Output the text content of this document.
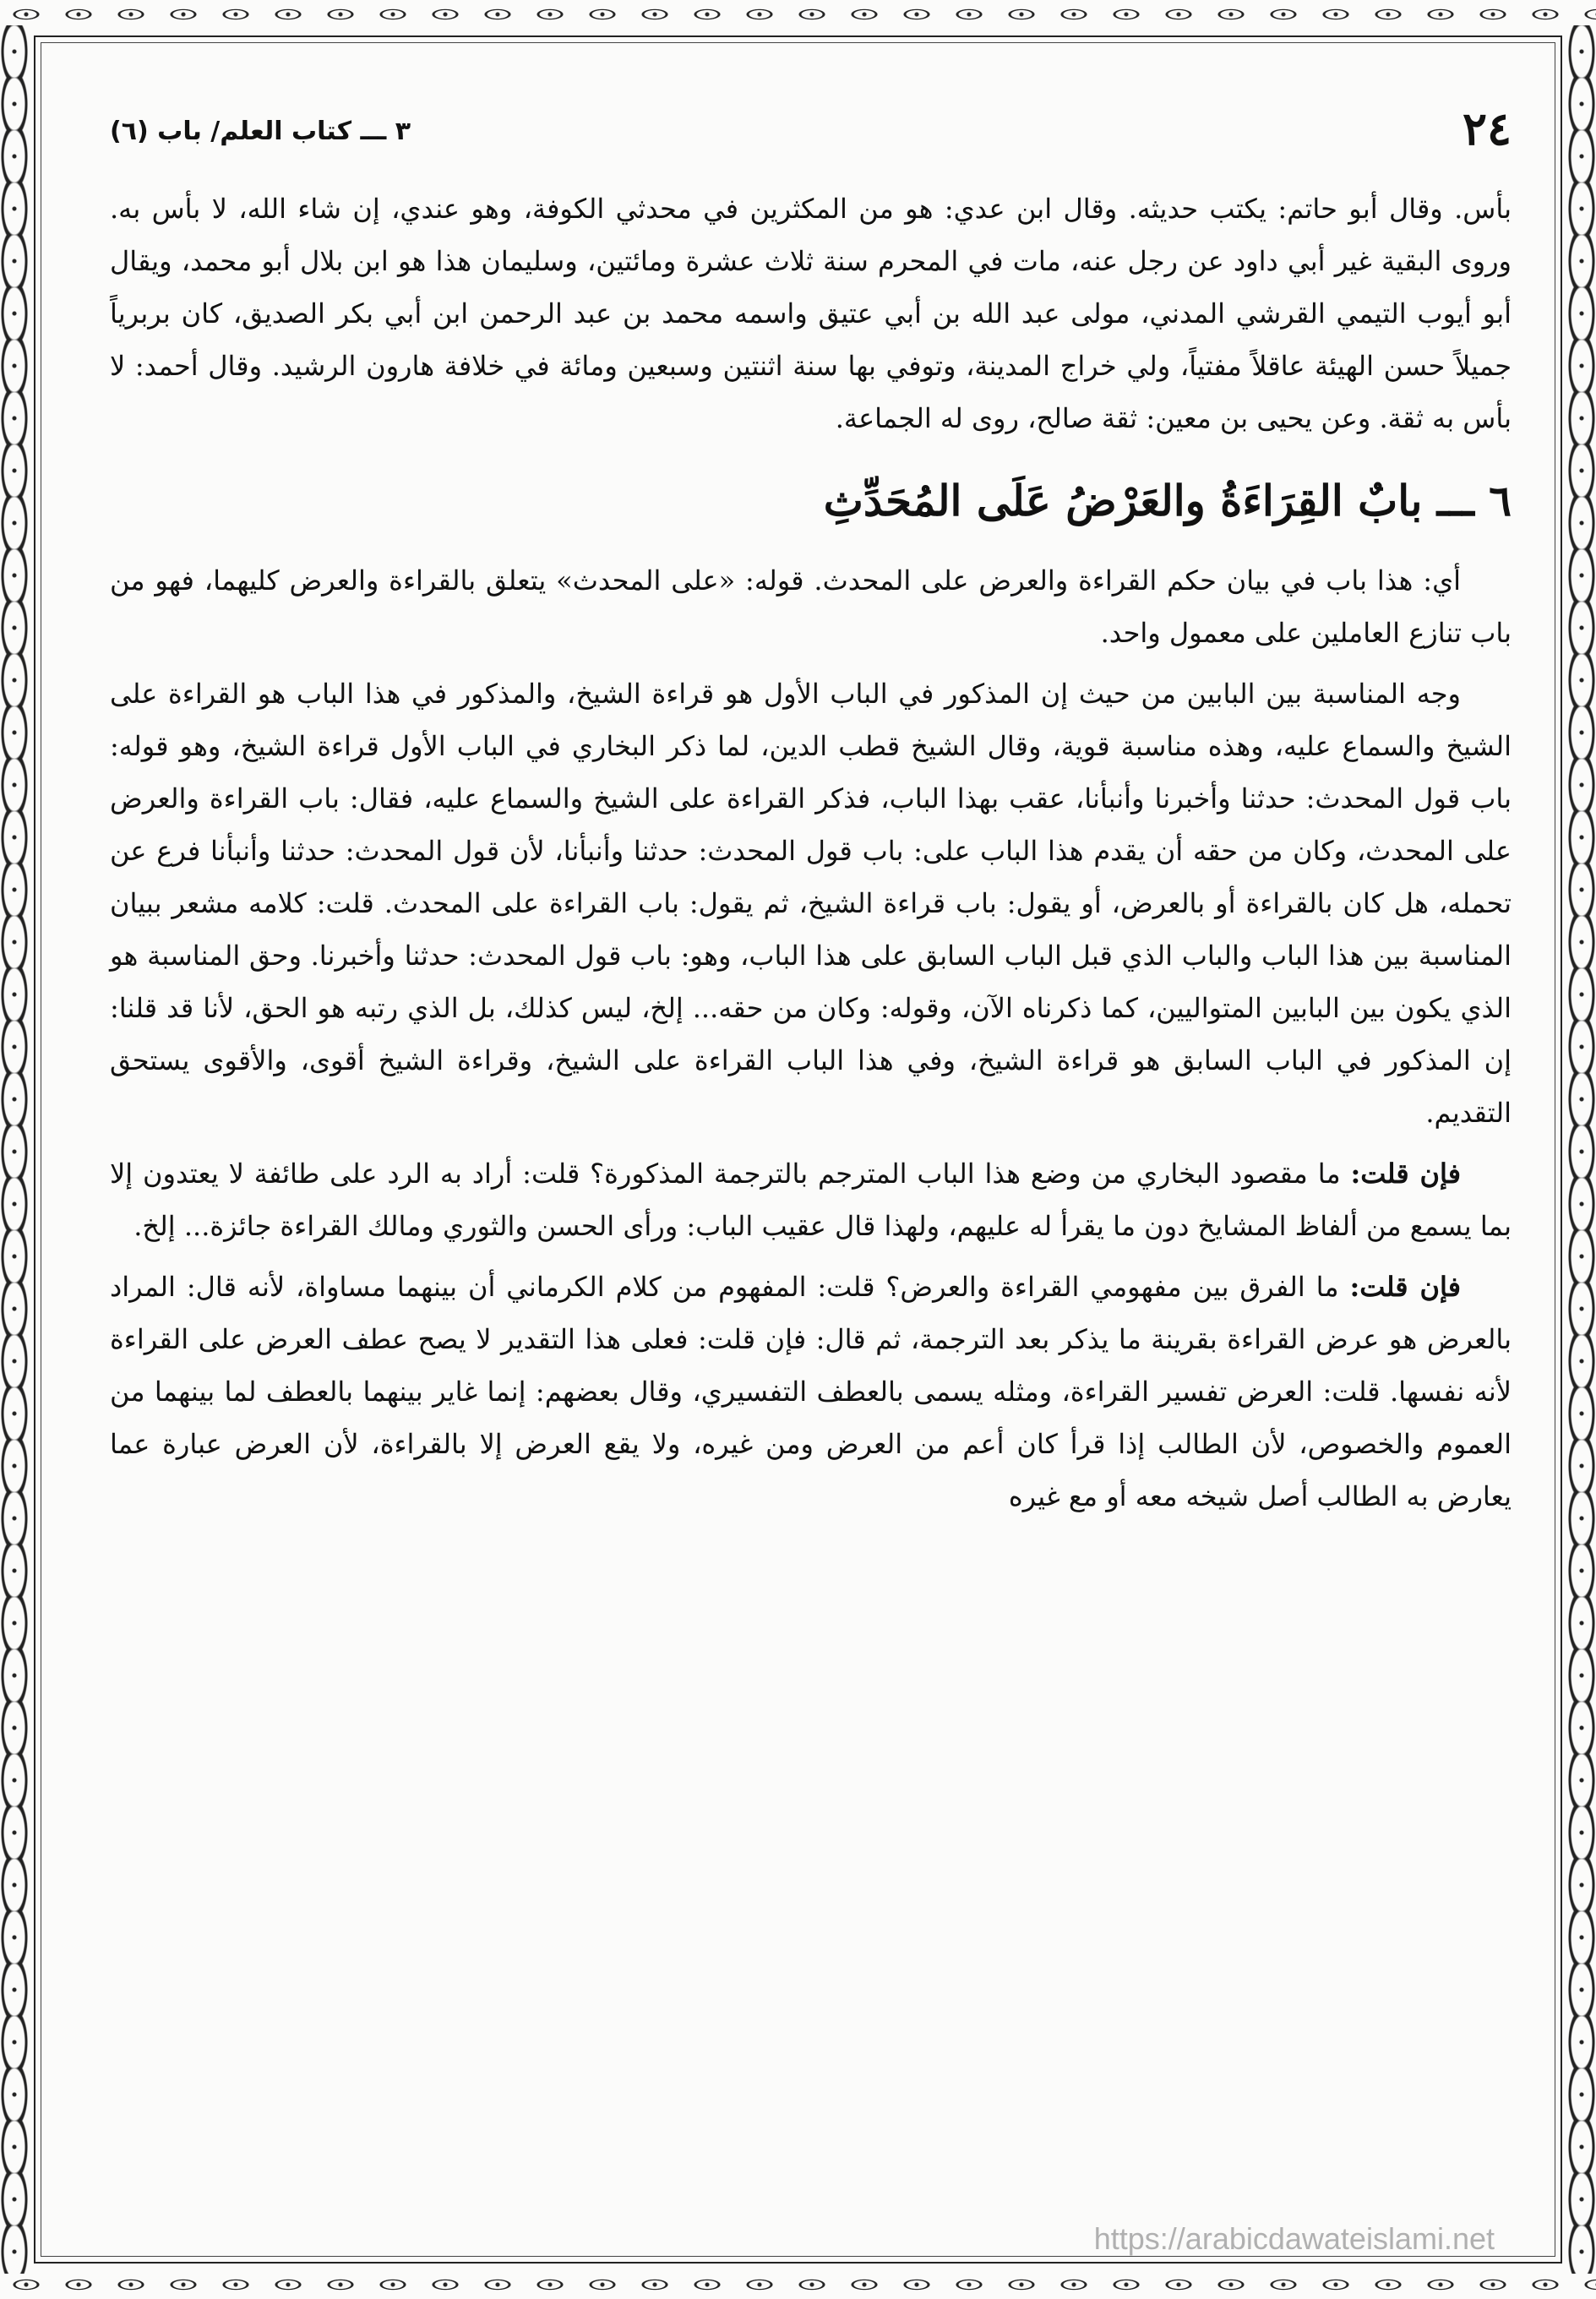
٢٤
٣ ـــ كتاب العلم/ باب (٦)

بأس. وقال أبو حاتم: يكتب حديثه. وقال ابن عدي: هو من المكثرين في محدثي الكوفة، وهو عندي، إن شاء الله، لا بأس به. وروى البقية غير أبي داود عن رجل عنه، مات في المحرم سنة ثلاث عشرة ومائتين، وسليمان هذا هو ابن بلال أبو محمد، ويقال أبو أيوب التيمي القرشي المدني، مولى عبد الله بن أبي عتيق واسمه محمد بن عبد الرحمن ابن أبي بكر الصديق، كان بربرياً جميلاً حسن الهيئة عاقلاً مفتياً، ولي خراج المدينة، وتوفي بها سنة اثنتين وسبعين ومائة في خلافة هارون الرشيد. وقال أحمد: لا بأس به ثقة. وعن يحيى بن معين: ثقة صالح، روى له الجماعة.

٦ ـــ بابٌ القِرَاءَةُ والعَرْضُ عَلَى المُحَدِّثِ

أي: هذا باب في بيان حكم القراءة والعرض على المحدث. قوله: «على المحدث» يتعلق بالقراءة والعرض كليهما، فهو من باب تنازع العاملين على معمول واحد.

وجه المناسبة بين البابين من حيث إن المذكور في الباب الأول هو قراءة الشيخ، والمذكور في هذا الباب هو القراءة على الشيخ والسماع عليه، وهذه مناسبة قوية، وقال الشيخ قطب الدين، لما ذكر البخاري في الباب الأول قراءة الشيخ، وهو قوله: باب قول المحدث: حدثنا وأخبرنا وأنبأنا، عقب بهذا الباب، فذكر القراءة على الشيخ والسماع عليه، فقال: باب القراءة والعرض على المحدث، وكان من حقه أن يقدم هذا الباب على: باب قول المحدث: حدثنا وأنبأنا، لأن قول المحدث: حدثنا وأنبأنا فرع عن تحمله، هل كان بالقراءة أو بالعرض، أو يقول: باب قراءة الشيخ، ثم يقول: باب القراءة على المحدث. قلت: كلامه مشعر ببيان المناسبة بين هذا الباب والباب الذي قبل الباب السابق على هذا الباب، وهو: باب قول المحدث: حدثنا وأخبرنا. وحق المناسبة هو الذي يكون بين البابين المتواليين، كما ذكرناه الآن، وقوله: وكان من حقه... إلخ، ليس كذلك، بل الذي رتبه هو الحق، لأنا قد قلنا: إن المذكور في الباب السابق هو قراءة الشيخ، وفي هذا الباب القراءة على الشيخ، وقراءة الشيخ أقوى، والأقوى يستحق التقديم.

فإن قلت: ما مقصود البخاري من وضع هذا الباب المترجم بالترجمة المذكورة؟ قلت: أراد به الرد على طائفة لا يعتدون إلا بما يسمع من ألفاظ المشايخ دون ما يقرأ له عليهم، ولهذا قال عقيب الباب: ورأى الحسن والثوري ومالك القراءة جائزة... إلخ.

فإن قلت: ما الفرق بين مفهومي القراءة والعرض؟ قلت: المفهوم من كلام الكرماني أن بينهما مساواة، لأنه قال: المراد بالعرض هو عرض القراءة بقرينة ما يذكر بعد الترجمة، ثم قال: فإن قلت: فعلى هذا التقدير لا يصح عطف العرض على القراءة لأنه نفسها. قلت: العرض تفسير القراءة، ومثله يسمى بالعطف التفسيري، وقال بعضهم: إنما غاير بينهما بالعطف لما بينهما من العموم والخصوص، لأن الطالب إذا قرأ كان أعم من العرض ومن غيره، ولا يقع العرض إلا بالقراءة، لأن العرض عبارة عما يعارض به الطالب أصل شيخه معه أو مع غيره

https://arabicdawateislami.net
